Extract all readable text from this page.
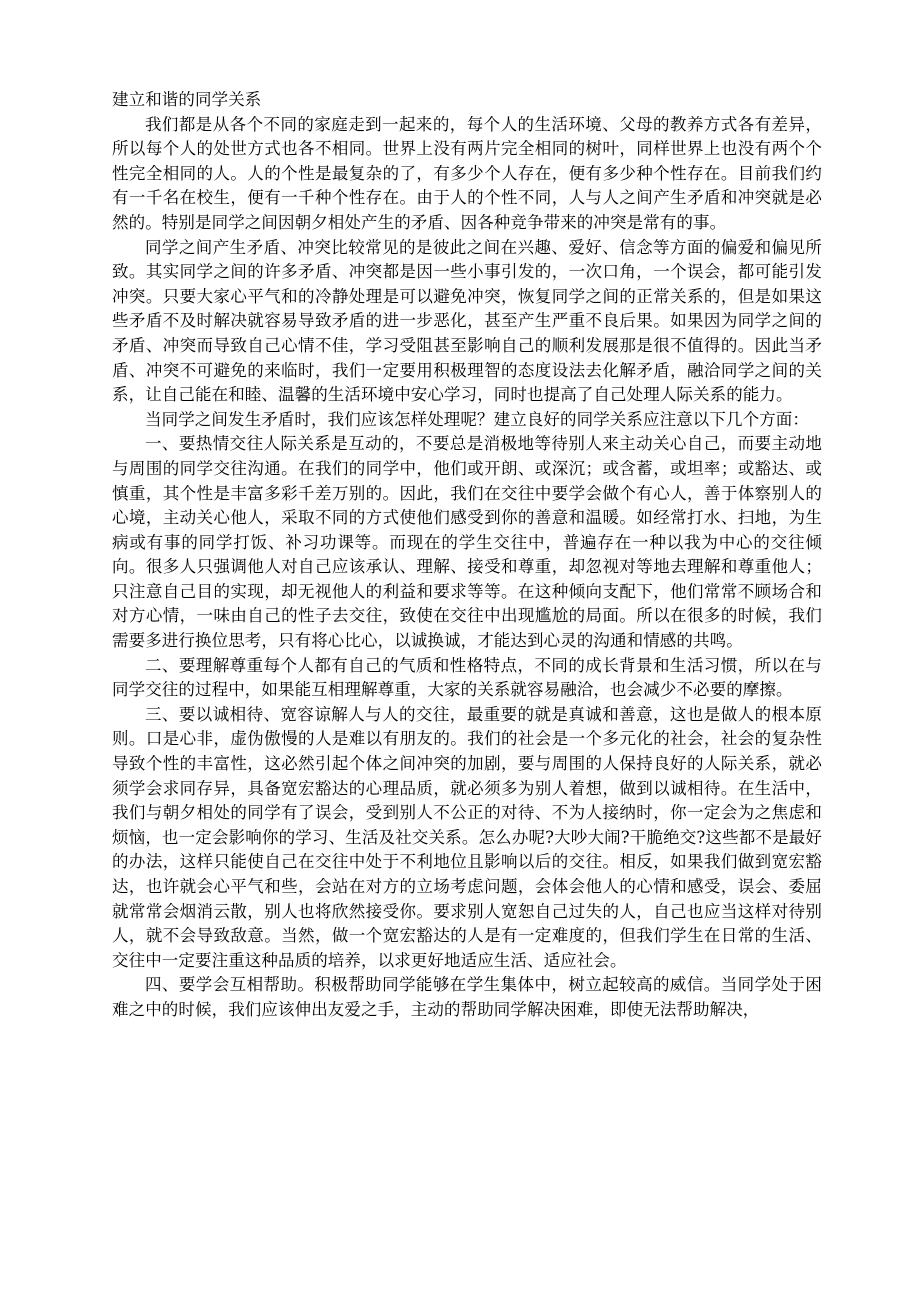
建立和谐的同学关系

我们都是从各个不同的家庭走到一起来的，每个人的生活环境、父母的教养方式各有差异，所以每个人的处世方式也各不相同。世界上没有两片完全相同的树叶，同样世界上也没有两个个性完全相同的人。人的个性是最复杂的了，有多少个人存在，便有多少种个性存在。目前我们约有一千名在校生，便有一千种个性存在。由于人的个性不同，人与人之间产生矛盾和冲突就是必然的。特别是同学之间因朝夕相处产生的矛盾、因各种竞争带来的冲突是常有的事。

同学之间产生矛盾、冲突比较常见的是彼此之间在兴趣、爱好、信念等方面的偏爱和偏见所致。其实同学之间的许多矛盾、冲突都是因一些小事引发的，一次口角，一个误会，都可能引发冲突。只要大家心平气和的冷静处理是可以避免冲突，恢复同学之间的正常关系的，但是如果这些矛盾不及时解决就容易导致矛盾的进一步恶化，甚至产生严重不良后果。如果因为同学之间的矛盾、冲突而导致自己心情不佳，学习受阻甚至影响自己的顺利发展那是很不值得的。因此当矛盾、冲突不可避免的来临时，我们一定要用积极理智的态度设法去化解矛盾，融洽同学之间的关系，让自己能在和睦、温馨的生活环境中安心学习，同时也提高了自己处理人际关系的能力。

当同学之间发生矛盾时，我们应该怎样处理呢？建立良好的同学关系应注意以下几个方面：

一、要热情交往人际关系是互动的，不要总是消极地等待别人来主动关心自己，而要主动地与周围的同学交往沟通。在我们的同学中，他们或开朗、或深沉；或含蓄，或坦率；或豁达、或慎重，其个性是丰富多彩千差万别的。因此，我们在交往中要学会做个有心人，善于体察别人的心境，主动关心他人，采取不同的方式使他们感受到你的善意和温暖。如经常打水、扫地，为生病或有事的同学打饭、补习功课等。而现在的学生交往中，普遍存在一种以我为中心的交往倾向。很多人只强调他人对自己应该承认、理解、接受和尊重，却忽视对等地去理解和尊重他人；只注意自己目的实现，却无视他人的利益和要求等等。在这种倾向支配下，他们常常不顾场合和对方心情，一味由自己的性子去交往，致使在交往中出现尴尬的局面。所以在很多的时候，我们需要多进行换位思考，只有将心比心，以诚换诚，才能达到心灵的沟通和情感的共鸣。

二、要理解尊重每个人都有自己的气质和性格特点，不同的成长背景和生活习惯，所以在与同学交往的过程中，如果能互相理解尊重，大家的关系就容易融洽，也会减少不必要的摩擦。

三、要以诚相待、宽容谅解人与人的交往，最重要的就是真诚和善意，这也是做人的根本原则。口是心非，虚伪傲慢的人是难以有朋友的。我们的社会是一个多元化的社会，社会的复杂性导致个性的丰富性，这必然引起个体之间冲突的加剧，要与周围的人保持良好的人际关系，就必须学会求同存异，具备宽宏豁达的心理品质，就必须多为别人着想，做到以诚相待。在生活中，我们与朝夕相处的同学有了误会，受到别人不公正的对待、不为人接纳时，你一定会为之焦虑和烦恼，也一定会影响你的学习、生活及社交关系。怎么办呢?大吵大闹?干脆绝交?这些都不是最好的办法，这样只能使自己在交往中处于不利地位且影响以后的交往。相反，如果我们做到宽宏豁达，也许就会心平气和些，会站在对方的立场考虑问题，会体会他人的心情和感受，误会、委屈就常常会烟消云散，别人也将欣然接受你。要求别人宽恕自己过失的人，自己也应当这样对待别人，就不会导致敌意。当然，做一个宽宏豁达的人是有一定难度的，但我们学生在日常的生活、交往中一定要注重这种品质的培养，以求更好地适应生活、适应社会。

四、要学会互相帮助。积极帮助同学能够在学生集体中，树立起较高的威信。当同学处于困难之中的时候，我们应该伸出友爱之手，主动的帮助同学解决困难，即使无法帮助解决，
